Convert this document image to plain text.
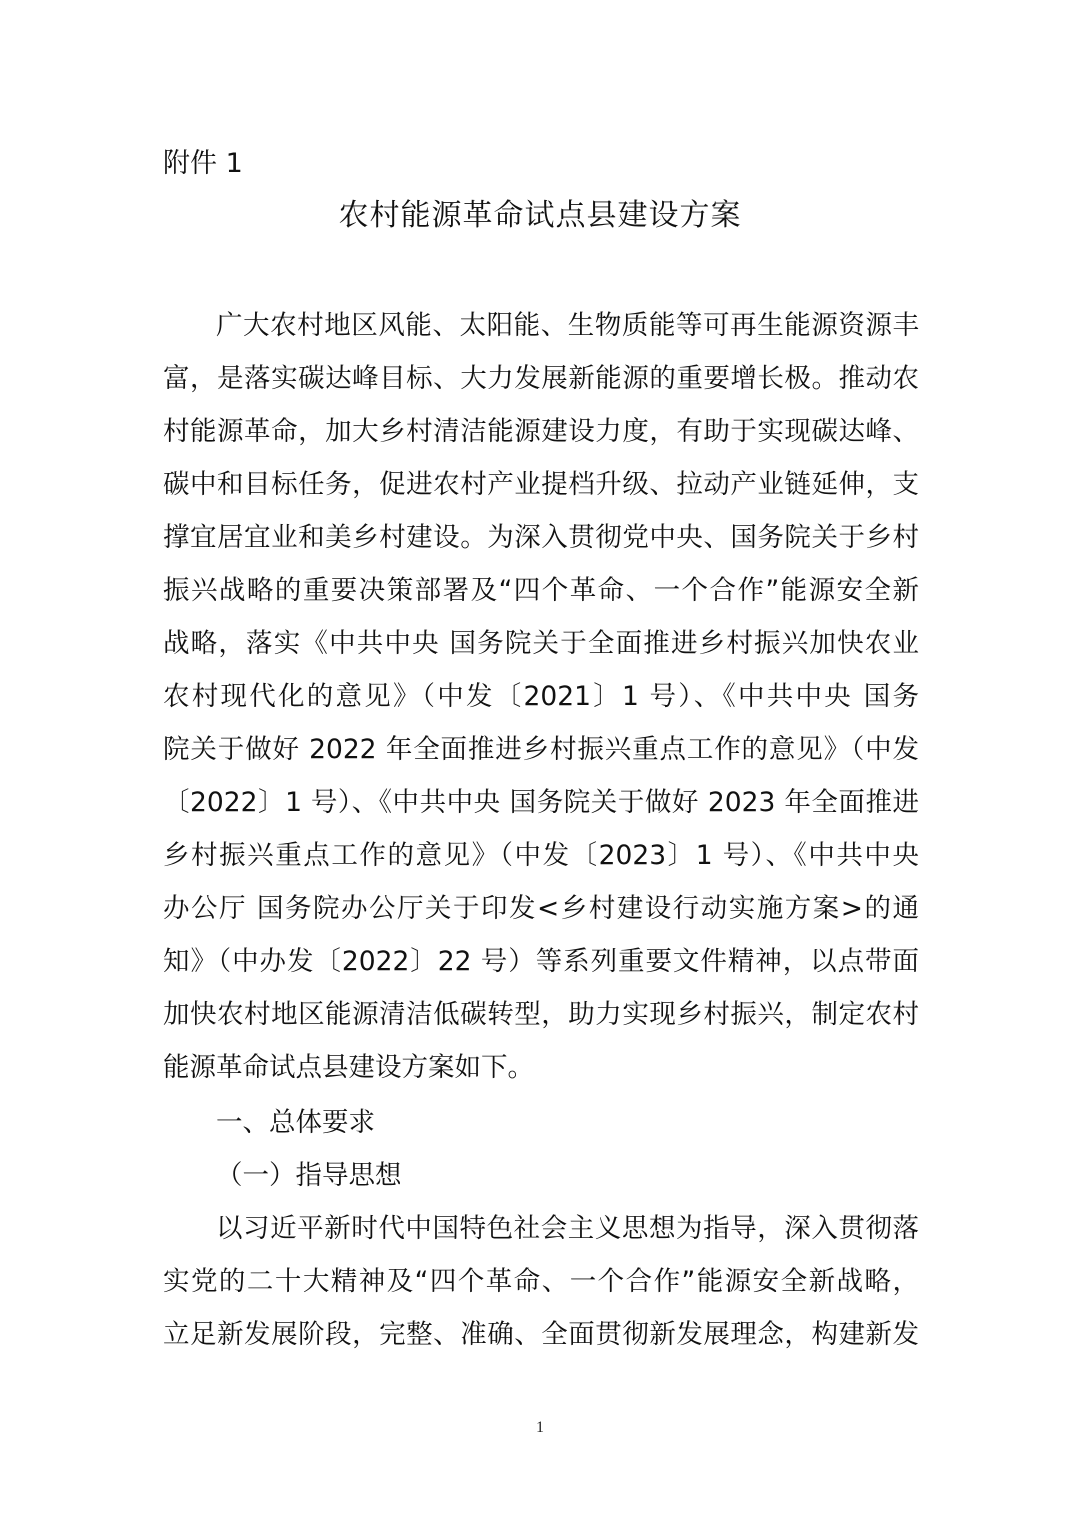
附件 1
农村能源革命试点县建设方案
广大农村地区风能、太阳能、生物质能等可再生能源资源丰
富，是落实碳达峰目标、大力发展新能源的重要增长极。推动农
村能源革命，加大乡村清洁能源建设力度，有助于实现碳达峰、
碳中和目标任务，促进农村产业提档升级、拉动产业链延伸，支
撑宜居宜业和美乡村建设。为深入贯彻党中央、国务院关于乡村
振兴战略的重要决策部署及“四个革命、一个合作”能源安全新
战略，落实《中共中央 国务院关于全面推进乡村振兴加快农业
农村现代化的意见》（中发〔2021〕1 号）、《中共中央 国务
院关于做好 2022 年全面推进乡村振兴重点工作的意见》（中发
〔2022〕1 号）、《中共中央 国务院关于做好 2023 年全面推进
乡村振兴重点工作的意见》（中发〔2023〕1 号）、《中共中央
办公厅 国务院办公厅关于印发<乡村建设行动实施方案>的通
知》（中办发〔2022〕22 号）等系列重要文件精神，以点带面
加快农村地区能源清洁低碳转型，助力实现乡村振兴，制定农村
能源革命试点县建设方案如下。
一、总体要求
（一）指导思想
以习近平新时代中国特色社会主义思想为指导，深入贯彻落
实党的二十大精神及“四个革命、一个合作”能源安全新战略，
立足新发展阶段，完整、准确、全面贯彻新发展理念，构建新发
1
